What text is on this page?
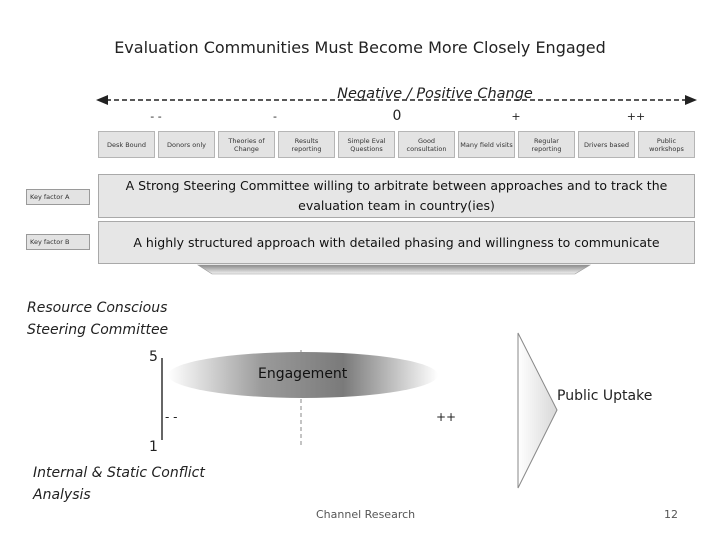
Evaluation Communities Must Become More Closely Engaged
Negative / Positive Change
- -	-	0	+	++
Desk Bound	Donors only	Theories of Change
Results reporting
Simple Eval Questions
Good consultation	Many field visits	Regular reporting	Drivers based	Public workshops
Key factor A
Key factor B
A Strong Steering Committee willing to arbitrate between approaches and to track the evaluation team in country(ies)
A highly structured approach with detailed phasing and willingness to communicate
Resource Conscious Steering Committee
5
1
- -	++
Engagement
Public Uptake
Internal & Static Conflict Analysis
Channel Research	12
